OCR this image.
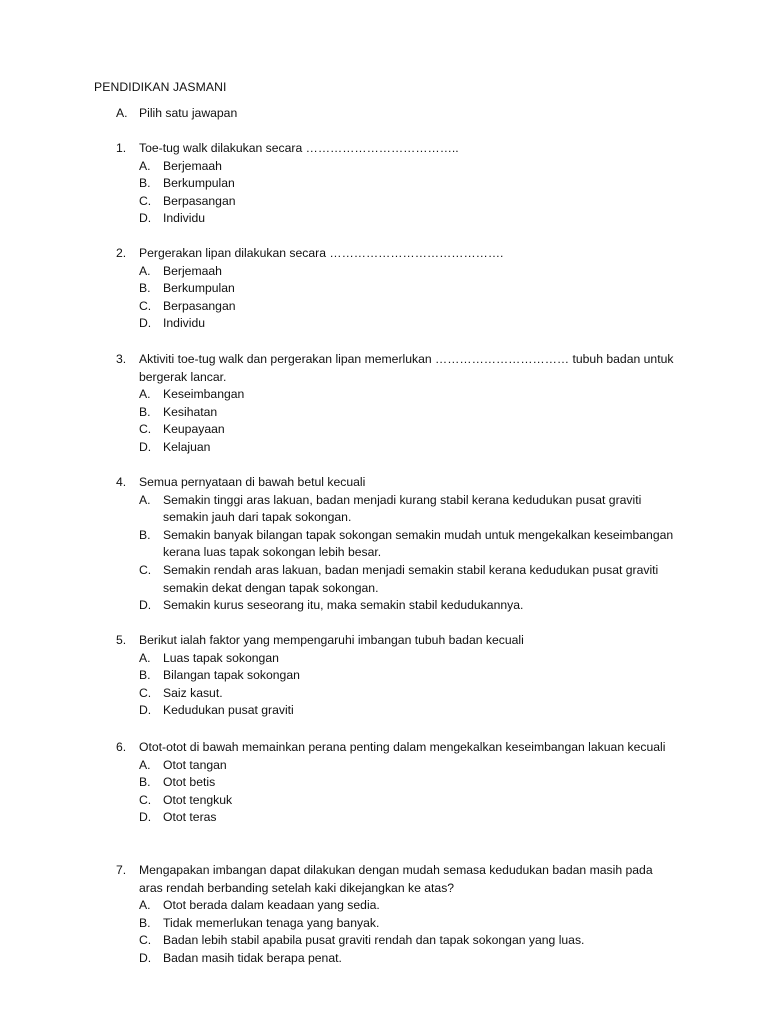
PENDIDIKAN JASMANI
A. Pilih satu jawapan
1.	Toe-tug walk dilakukan secara ………………………………..
A.	Berjemaah
B.	Berkumpulan
C. Berpasangan
D. Individu
2.	Pergerakan lipan dilakukan secara …………………………………….
A.	Berjemaah
B.	Berkumpulan
C. Berpasangan
D. Individu
3.	Aktiviti toe-tug walk dan pergerakan lipan memerlukan …………………………… tubuh badan untuk bergerak lancar.
A.	Keseimbangan
B.	Kesihatan
C. Keupayaan
D. Kelajuan
4.	Semua pernyataan di bawah betul kecuali
A.	Semakin tinggi aras lakuan, badan menjadi kurang stabil kerana kedudukan pusat graviti semakin jauh dari tapak sokongan.
B.	Semakin banyak bilangan tapak sokongan semakin mudah untuk mengekalkan keseimbangan kerana luas tapak sokongan lebih besar.
C. Semakin rendah aras lakuan, badan menjadi semakin stabil kerana kedudukan pusat graviti semakin dekat dengan tapak sokongan.
D. Semakin kurus seseorang itu, maka semakin stabil kedudukannya.
5.	Berikut ialah faktor yang mempengaruhi imbangan tubuh badan kecuali
A.	Luas tapak sokongan
B.	Bilangan tapak sokongan
C. Saiz kasut.
D. Kedudukan pusat graviti
6.	Otot-otot di bawah memainkan perana penting dalam mengekalkan keseimbangan lakuan kecuali
A.	Otot tangan
B.	Otot betis
C. Otot tengkuk
D. Otot teras
7.	Mengapakan imbangan dapat dilakukan dengan mudah semasa kedudukan badan masih pada aras rendah berbanding setelah kaki dikejangkan ke atas?
A.	Otot berada dalam keadaan yang sedia.
B.	Tidak memerlukan tenaga yang banyak.
C. Badan lebih stabil apabila pusat graviti rendah dan tapak sokongan yang luas.
D. Badan masih tidak berapa penat.
